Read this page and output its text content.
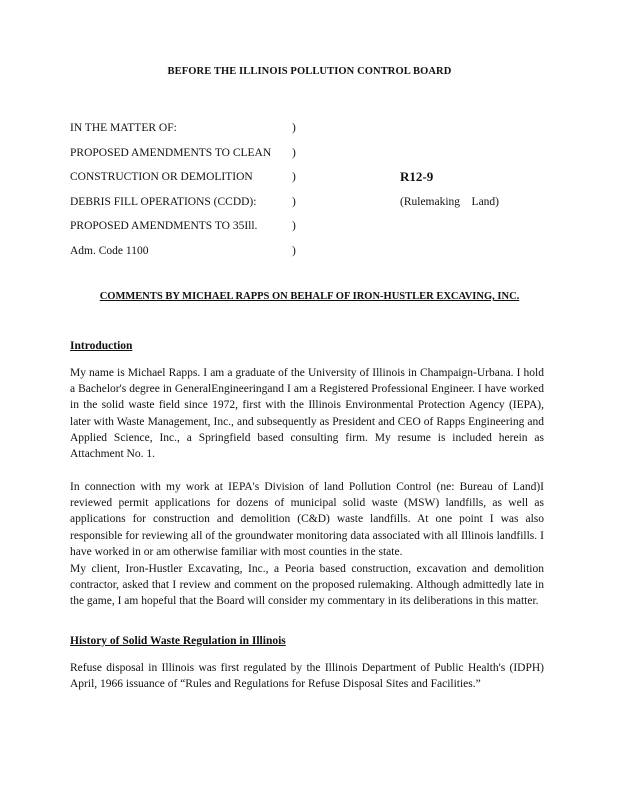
BEFORE THE ILLINOIS POLLUTION CONTROL BOARD
IN THE MATTER OF:	)
PROPOSED AMENDMENTS TO CLEAN )
CONSTRUCTION OR DEMOLITION	)	R12-9
DEBRIS FILL OPERATIONS (CCDD):	)	(Rulemaking    Land)
PROPOSED AMENDMENTS TO 35Ill.	)
Adm. Code 1100	)
COMMENTS BY MICHAEL RAPPS ON BEHALF OF IRON-HUSTLER EXCAVING, INC.
Introduction

My name is Michael Rapps. I am a graduate of the University of Illinois in Champaign-Urbana. I hold a Bachelor's degree in GeneralEngineeringand I am a Registered Professional Engineer. I have worked in the solid waste field since 1972, first with the Illinois Environmental Protection Agency (IEPA), later with Waste Management, Inc., and subsequently as President and CEO of Rapps Engineering and Applied Science, Inc., a Springfield based consulting firm. My resume is included herein as Attachment No. 1.

In connection with my work at IEPA's Division of land Pollution Control (ne: Bureau of Land)I reviewed permit applications for dozens of municipal solid waste (MSW) landfills, as well as applications for construction and demolition (C&D) waste landfills. At one point I was also responsible for reviewing all of the groundwater monitoring data associated with all Illinois landfills. I have worked in or am otherwise familiar with most counties in the state.

My client, Iron-Hustler Excavating, Inc., a Peoria based construction, excavation and demolition contractor, asked that I review and comment on the proposed rulemaking. Although admittedly late in the game, I am hopeful that the Board will consider my commentary in its deliberations in this matter.

History of Solid Waste Regulation in Illinois

Refuse disposal in Illinois was first regulated by the Illinois Department of Public Health's (IDPH) April, 1966 issuance of “Rules and Regulations for Refuse Disposal Sites and Facilities.”
